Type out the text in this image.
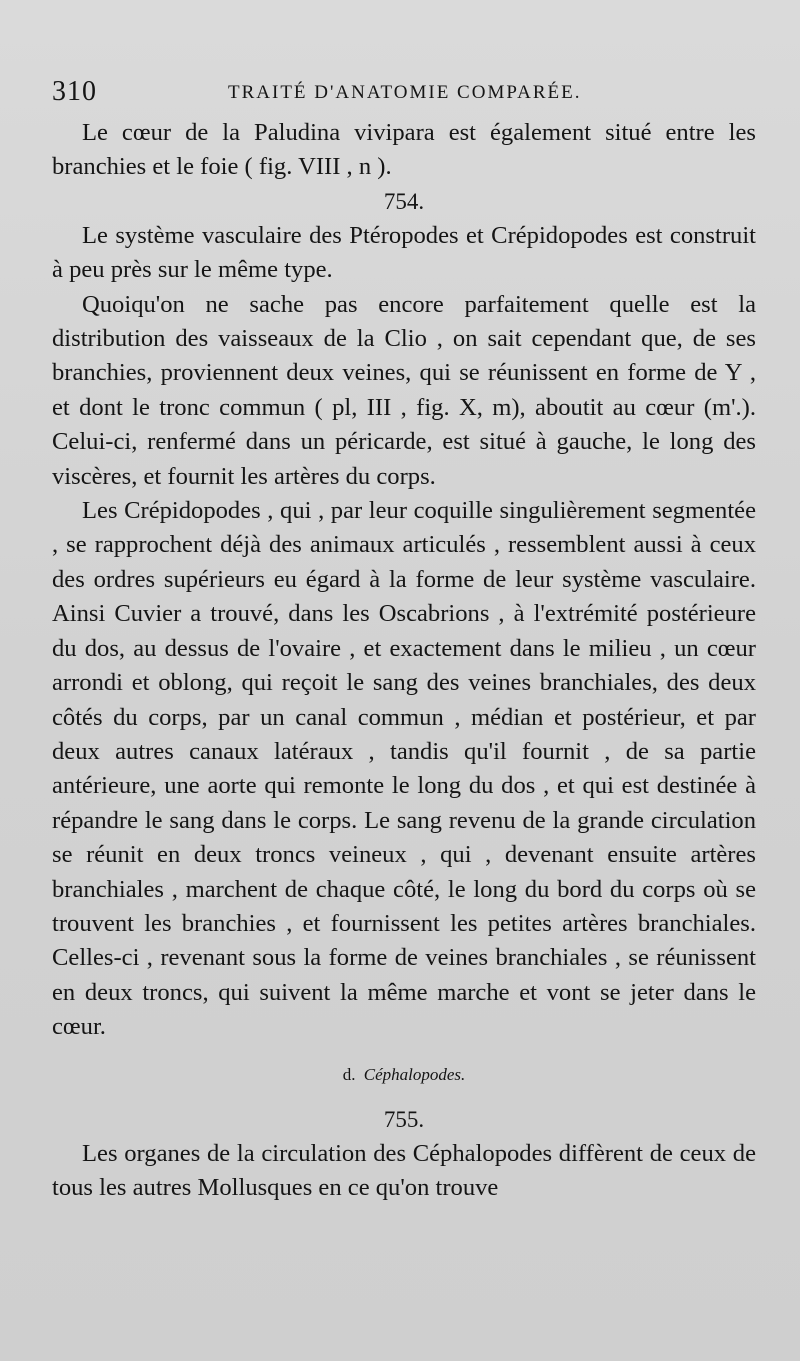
310	TRAITÉ D'ANATOMIE COMPARÉE.

Le cœur de la Paludina vivipara est également situé entre les branchies et le foie ( fig. VIII , n ).

754.

Le système vasculaire des Ptéropodes et Crépidopodes est construit à peu près sur le même type.

Quoiqu'on ne sache pas encore parfaitement quelle est la distribution des vaisseaux de la Clio , on sait cependant que, de ses branchies, proviennent deux veines, qui se réunissent en forme de Y , et dont le tronc commun ( pl, III , fig. X, m), aboutit au cœur (m'.). Celui-ci, renfermé dans un péricarde, est situé à gauche, le long des viscères, et fournit les artères du corps.

Les Crépidopodes , qui , par leur coquille singulièrement segmentée , se rapprochent déjà des animaux articulés , ressemblent aussi à ceux des ordres supérieurs eu égard à la forme de leur système vasculaire. Ainsi Cuvier a trouvé, dans les Oscabrions , à l'extrémité postérieure du dos, au dessus de l'ovaire , et exactement dans le milieu , un cœur arrondi et oblong, qui reçoit le sang des veines branchiales, des deux côtés du corps, par un canal commun , médian et postérieur, et par deux autres canaux latéraux , tandis qu'il fournit , de sa partie antérieure, une aorte qui remonte le long du dos , et qui est destinée à répandre le sang dans le corps. Le sang revenu de la grande circulation se réunit en deux troncs veineux , qui , devenant ensuite artères branchiales , marchent de chaque côté, le long du bord du corps où se trouvent les branchies , et fournissent les petites artères branchiales. Celles-ci , revenant sous la forme de veines branchiales , se réunissent en deux troncs, qui suivent la même marche et vont se jeter dans le cœur.

d. Céphalopodes.
755.

Les organes de la circulation des Céphalopodes diffèrent de ceux de tous les autres Mollusques en ce qu'on trouve
